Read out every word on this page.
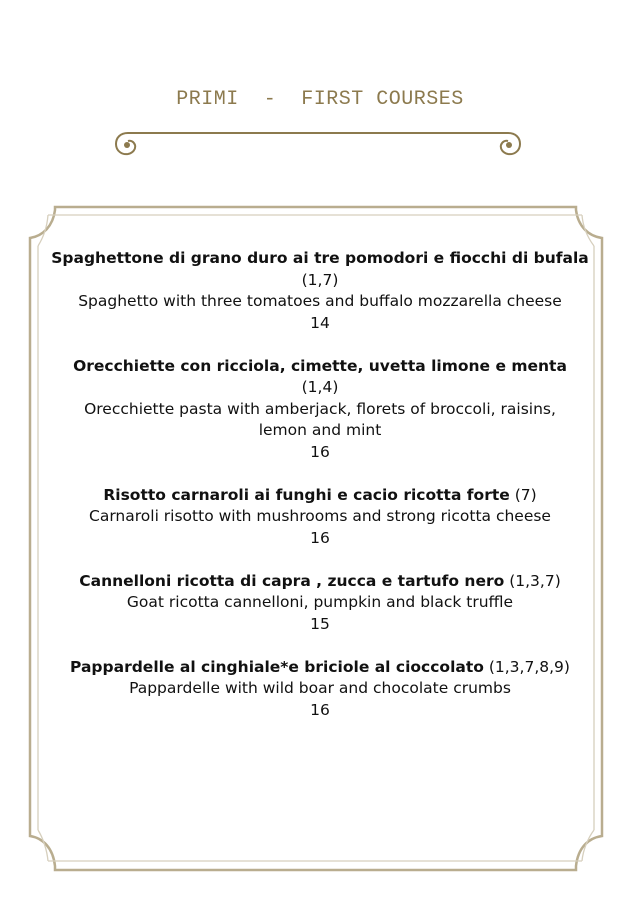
PRIMI  -  FIRST COURSES
Spaghettone di grano duro ai tre pomodori e fiocchi di bufala
(1,7)
Spaghetto with three tomatoes and buffalo mozzarella cheese
14
Orecchiette con ricciola, cimette, uvetta limone e menta
(1,4)
Orecchiette pasta with amberjack, florets of broccoli, raisins, lemon and mint
16
Risotto carnaroli ai funghi e cacio ricotta forte (7)
Carnaroli risotto with mushrooms and strong ricotta cheese
16
Cannelloni ricotta di capra , zucca e tartufo nero (1,3,7)
Goat ricotta cannelloni, pumpkin and black truffle
15
Pappardelle al cinghiale*e briciole al cioccolato (1,3,7,8,9)
Pappardelle with wild boar and chocolate crumbs
16
